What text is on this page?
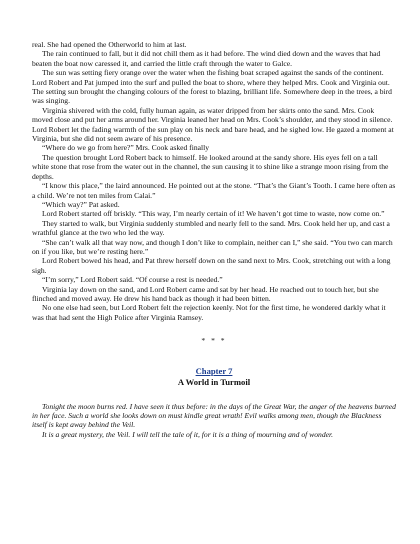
real. She had opened the Otherworld to him at last.

The rain continued to fall, but it did not chill them as it had before. The wind died down and the waves that had beaten the boat now caressed it, and carried the little craft through the water to Galce.

The sun was setting fiery orange over the water when the fishing boat scraped against the sands of the continent. Lord Robert and Pat jumped into the surf and pulled the boat to shore, where they helped Mrs. Cook and Virginia out. The setting sun brought the changing colours of the forest to blazing, brilliant life. Somewhere deep in the trees, a bird was singing.

Virginia shivered with the cold, fully human again, as water dripped from her skirts onto the sand. Mrs. Cook moved close and put her arms around her. Virginia leaned her head on Mrs. Cook’s shoulder, and they stood in silence. Lord Robert let the fading warmth of the sun play on his neck and bare head, and he sighed low. He gazed a moment at Virginia, but she did not seem aware of his presence.

“Where do we go from here?” Mrs. Cook asked finally

The question brought Lord Robert back to himself. He looked around at the sandy shore. His eyes fell on a tall white stone that rose from the water out in the channel, the sun causing it to shine like a strange moon rising from the depths.

“I know this place,” the laird announced. He pointed out at the stone. “That’s the Giant’s Tooth. I came here often as a child. We’re not ten miles from Calai.”

“Which way?” Pat asked.

Lord Robert started off briskly. “This way, I’m nearly certain of it! We haven’t got time to waste, now come on.”

They started to walk, but Virginia suddenly stumbled and nearly fell to the sand. Mrs. Cook held her up, and cast a wrathful glance at the two who led the way.

“She can’t walk all that way now, and though I don’t like to complain, neither can I,” she said. “You two can march on if you like, but we’re resting here.”

Lord Robert bowed his head, and Pat threw herself down on the sand next to Mrs. Cook, stretching out with a long sigh.

“I’m sorry,” Lord Robert said. “Of course a rest is needed.”

Virginia lay down on the sand, and Lord Robert came and sat by her head. He reached out to touch her, but she flinched and moved away. He drew his hand back as though it had been bitten.

No one else had seen, but Lord Robert felt the rejection keenly. Not for the first time, he wondered darkly what it was that had sent the High Police after Virginia Ramsey.

* * *
Chapter 7
A World in Turmoil

Tonight the moon burns red. I have seen it thus before: in the days of the Great War, the anger of the heavens burned in her face. Such a world she looks down on must kindle great wrath! Evil walks among men, though the Blackness itself is kept away behind the Veil.

It is a great mystery, the Veil. I will tell the tale of it, for it is a thing of mourning and of wonder.
